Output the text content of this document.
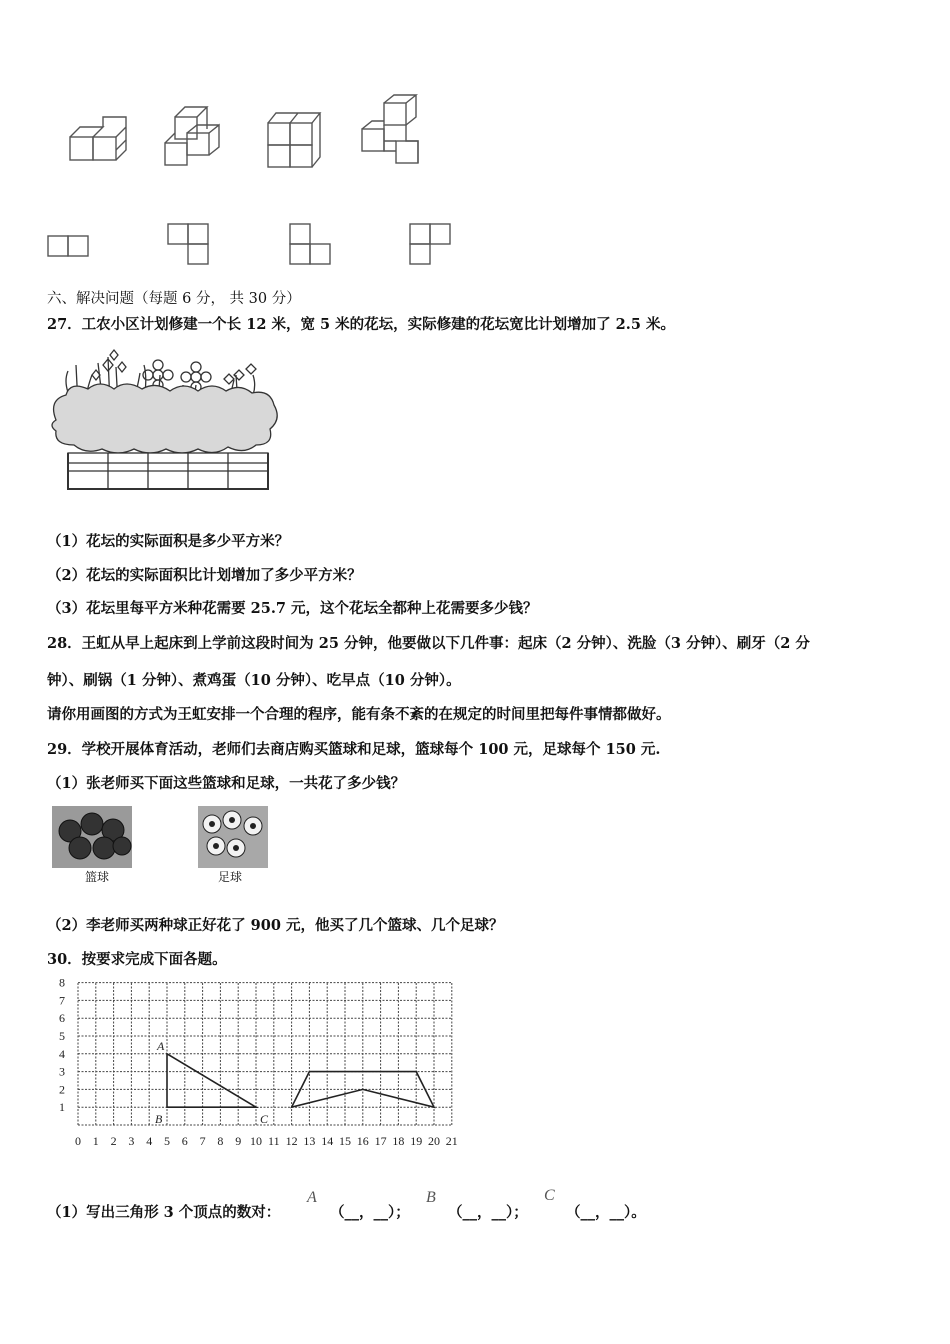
六、解决问题（每题 6 分， 共 30 分）
27．工农小区计划修建一个长 12 米，宽 5 米的花坛，实际修建的花坛宽比计划增加了 2.5 米。
（1）花坛的实际面积是多少平方米？
（2）花坛的实际面积比计划增加了多少平方米？
（3）花坛里每平方米种花需要 25.7 元，这个花坛全都种上花需要多少钱？
28．王虹从早上起床到上学前这段时间为 25 分钟，他要做以下几件事：起床（2 分钟）、洗脸（3 分钟）、刷牙（2 分
钟）、刷锅（1 分钟）、煮鸡蛋（10 分钟）、吃早点（10 分钟）。
请你用画图的方式为王虹安排一个合理的程序，能有条不紊的在规定的时间里把每件事情都做好。
29．学校开展体育活动，老师们去商店购买篮球和足球，篮球每个 100 元，足球每个 150 元.
（1）张老师买下面这些篮球和足球，一共花了多少钱？
篮球	足球
（2）李老师买两种球正好花了 900 元，他买了几个篮球、几个足球？
30．按要求完成下面各题。
0 1 2 3 4 5 6 7 8 9 10 11 12 13 14 15 16 17 18 19 20 21
1
2
3
4
5
6
7
8
A
B	C
（1）写出三角形 3 个顶点的数对：
A
（__，__）；
B
（__，__）；
C
（__，__）。
